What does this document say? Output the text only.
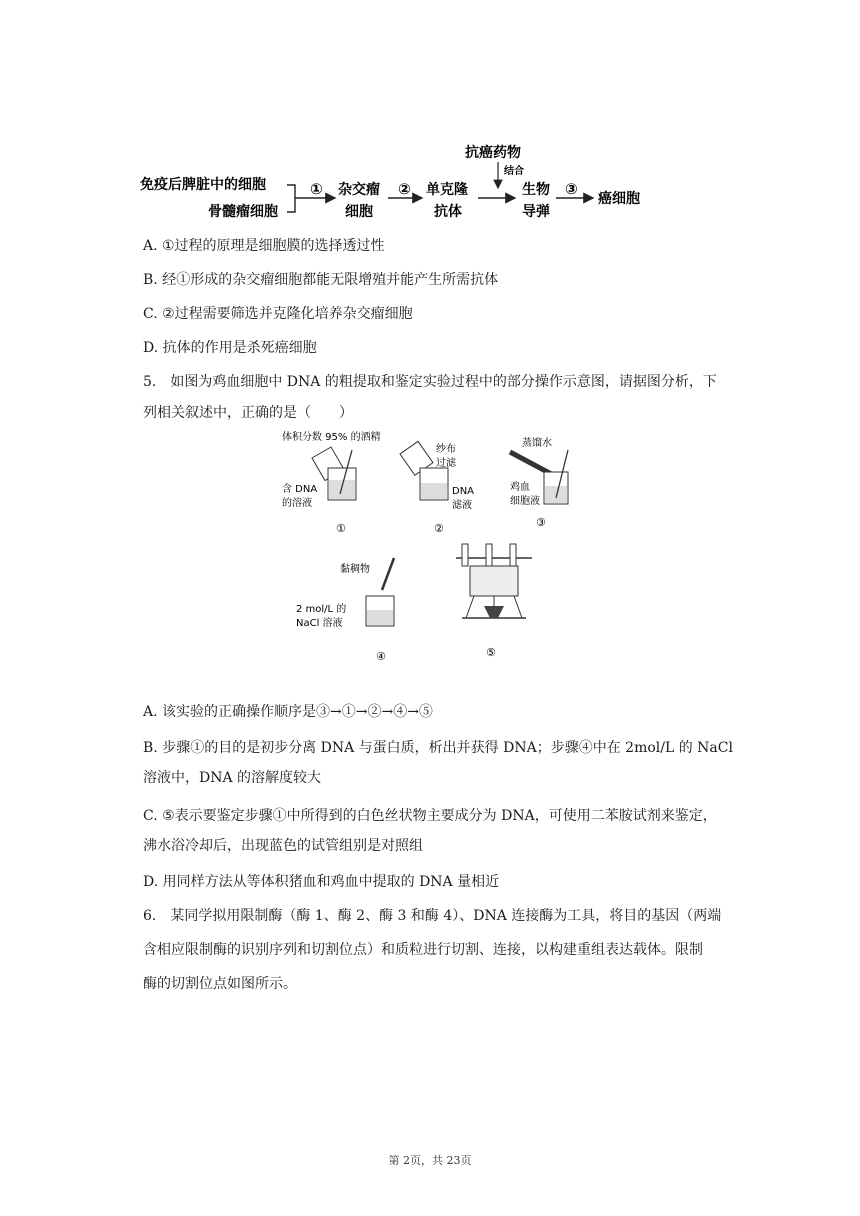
免疫后脾脏中的细胞
骨髓瘤细胞
① 杂交瘤
细胞
② 单克隆
抗体
抗癌药物
结合
生物
导弹
③
癌细胞
A. ①过程的原理是细胞膜的选择透过性
B. 经①形成的杂交瘤细胞都能无限增殖并能产生所需抗体
C. ②过程需要筛选并克隆化培养杂交瘤细胞
D. 抗体的作用是杀死癌细胞
5.　如图为鸡血细胞中 DNA 的粗提取和鉴定实验过程中的部分操作示意图，请据图分析，下
列相关叙述中，正确的是（　　）
体积分数 95% 的酒精
含 DNA
的溶液
①
纱布
过滤
DNA
滤液
②
蒸馏水
鸡血
细胞液
③
黏稠物
2 mol/L 的
NaCl 溶液
④	⑤
A. 该实验的正确操作顺序是③→①→②→④→⑤
B. 步骤①的目的是初步分离 DNA 与蛋白质，析出并获得 DNA；步骤④中在 2mol/L 的 NaCl
溶液中，DNA 的溶解度较大
C. ⑤表示要鉴定步骤①中所得到的白色丝状物主要成分为 DNA，可使用二苯胺试剂来鉴定，
沸水浴冷却后，出现蓝色的试管组别是对照组
D. 用同样方法从等体积猪血和鸡血中提取的 DNA 量相近
6.　某同学拟用限制酶（酶 1、酶 2、酶 3 和酶 4）、DNA 连接酶为工具，将目的基因（两端
含相应限制酶的识别序列和切割位点）和质粒进行切割、连接，以构建重组表达载体。限制
酶的切割位点如图所示。
第 2页，共 23页
